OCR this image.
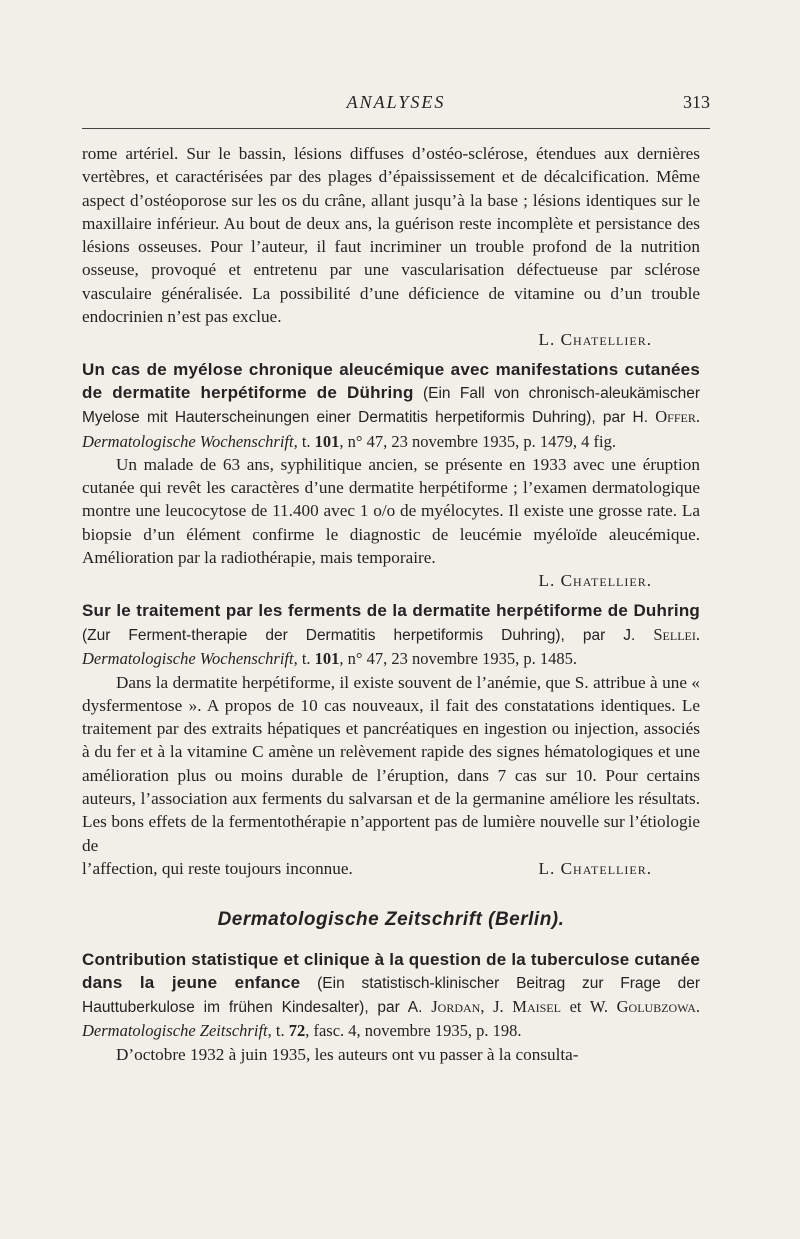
ANALYSES	313

rome artériel. Sur le bassin, lésions diffuses d’ostéo-sclérose, étendues aux dernières vertèbres, et caractérisées par des plages d’épaississement et de décalcification. Même aspect d’ostéoporose sur les os du crâne, allant jusqu’à la base ; lésions identiques sur le maxillaire inférieur. Au bout de deux ans, la guérison reste incomplète et persistance des lésions osseuses. Pour l’auteur, il faut incriminer un trouble profond de la nutrition osseuse, provoqué et entretenu par une vascularisation défectueuse par sclérose vasculaire généralisée. La possibilité d’une déficience de vitamine ou d’un trouble endocrinien n’est pas exclue.

L. Chatellier.

Un cas de myélose chronique aleucémique avec manifestations cutanées de dermatite herpétiforme de Dühring (Ein Fall von chronisch-aleukämischer Myelose mit Hauterscheinungen einer Dermatitis herpetiformis Duhring), par H. Offer. Dermatologische Wochenschrift, t. 101, n° 47, 23 novembre 1935, p. 1479, 4 fig.

Un malade de 63 ans, syphilitique ancien, se présente en 1933 avec une éruption cutanée qui revêt les caractères d’une dermatite herpétiforme ; l’examen dermatologique montre une leucocytose de 11.400 avec 1 o/o de myélocytes. Il existe une grosse rate. La biopsie d’un élément confirme le diagnostic de leucémie myéloïde aleucémique. Amélioration par la radiothérapie, mais temporaire.

L. Chatellier.

Sur le traitement par les ferments de la dermatite herpétiforme de Duhring (Zur Ferment-therapie der Dermatitis herpetiformis Duhring), par J. Sellei. Dermatologische Wochenschrift, t. 101, n° 47, 23 novembre 1935, p. 1485.

Dans la dermatite herpétiforme, il existe souvent de l’anémie, que S. attribue à une « dysfermentose ». A propos de 10 cas nouveaux, il fait des constatations identiques. Le traitement par des extraits hépatiques et pancréatiques en ingestion ou injection, associés à du fer et à la vitamine C amène un relèvement rapide des signes hématologiques et une amélioration plus ou moins durable de l’éruption, dans 7 cas sur 10. Pour certains auteurs, l’association aux ferments du salvarsan et de la germanine améliore les résultats. Les bons effets de la fermentothérapie n’apportent pas de lumière nouvelle sur l’étiologie de

l’affection, qui reste toujours inconnue.	L. Chatellier.
Dermatologische Zeitschrift (Berlin).

Contribution statistique et clinique à la question de la tuberculose cutanée dans la jeune enfance (Ein statistisch-klinischer Beitrag zur Frage der Hauttuberkulose im frühen Kindesalter), par A. Jordan, J. Maisel et W. Golubzowa. Dermatologische Zeitschrift, t. 72, fasc. 4, novembre 1935, p. 198.

D’octobre 1932 à juin 1935, les auteurs ont vu passer à la consulta-
